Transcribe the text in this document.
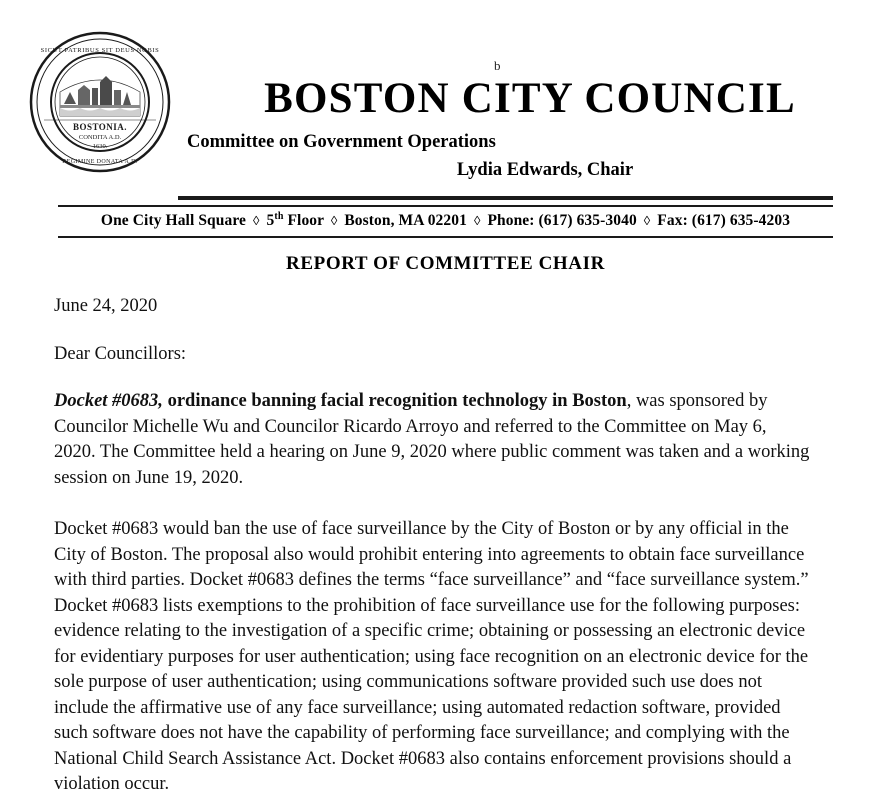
SICUT PATRIBUS SIT DEUS NOBIS
BOSTONIA.
CONDITA A.D.
1630.
REGIMINE DONATA A.D.
b
BOSTON CITY COUNCIL
Committee on Government Operations
Lydia Edwards, Chair
One City Hall Square ◊ 5th Floor ◊ Boston, MA 02201 ◊ Phone: (617) 635-3040 ◊ Fax: (617) 635-4203
REPORT OF COMMITTEE CHAIR

June 24, 2020

Dear Councillors:

Docket #0683, ordinance banning facial recognition technology in Boston, was sponsored by Councilor Michelle Wu and Councilor Ricardo Arroyo and referred to the Committee on May 6, 2020. The Committee held a hearing on June 9, 2020 where public comment was taken and a working session on June 19, 2020.

Docket #0683 would ban the use of face surveillance by the City of Boston or by any official in the City of Boston. The proposal also would prohibit entering into agreements to obtain face surveillance with third parties. Docket #0683 defines the terms “face surveillance” and “face surveillance system.” Docket #0683 lists exemptions to the prohibition of face surveillance use for the following purposes: evidence relating to the investigation of a specific crime; obtaining or possessing an electronic device for evidentiary purposes for user authentication; using face recognition on an electronic device for the sole purpose of user authentication; using communications software provided such use does not include the affirmative use of any face surveillance; using automated redaction software, provided such software does not have the capability of performing face surveillance; and complying with the National Child Search Assistance Act. Docket #0683 also contains enforcement provisions should a violation occur.
